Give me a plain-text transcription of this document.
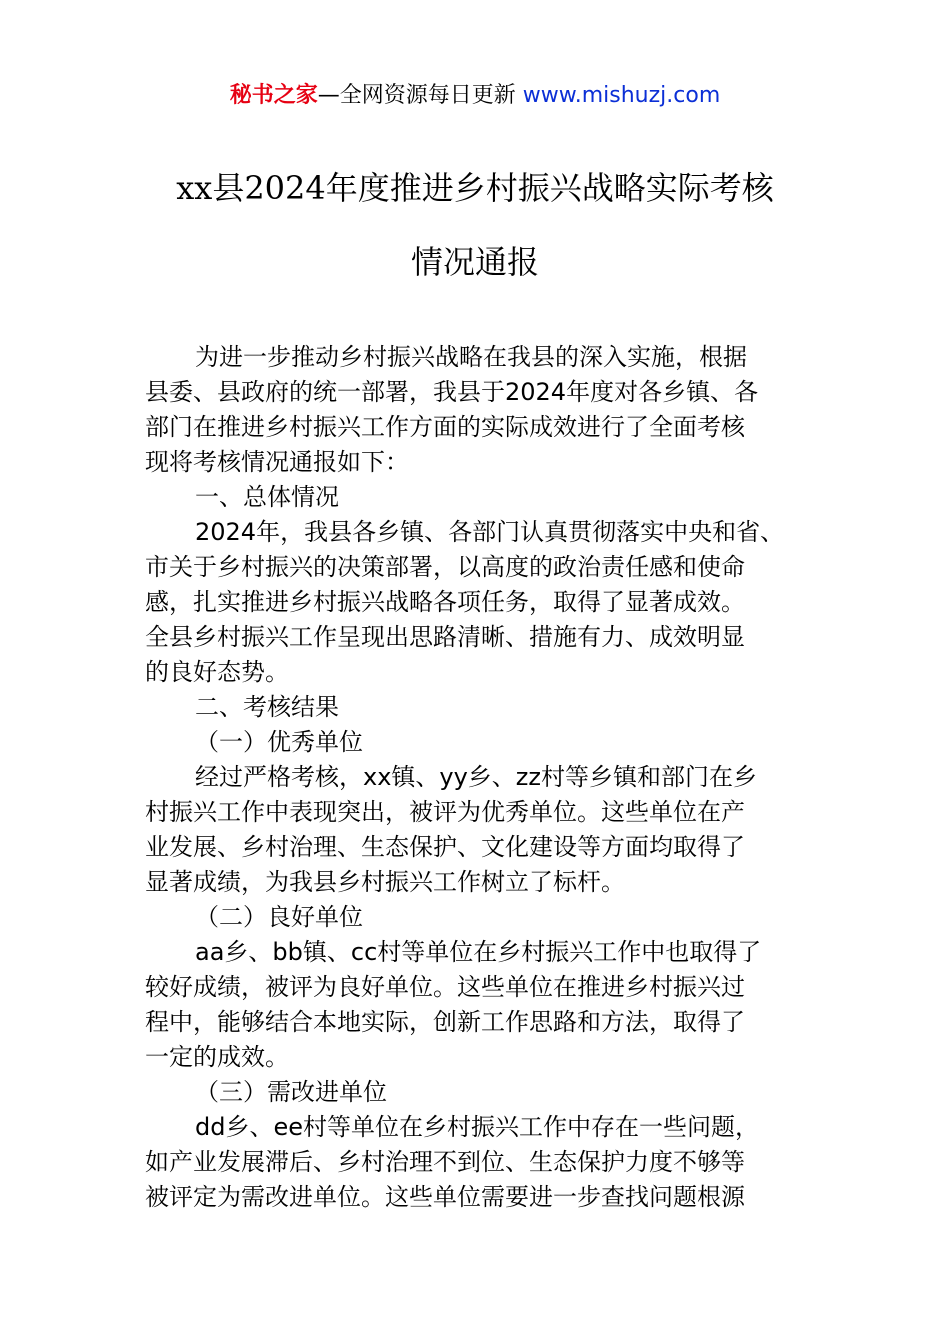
秘书之家—全网资源每日更新 www.mishuzj.com
xx县2024年度推进乡村振兴战略实际考核
情况通报
为进一步推动乡村振兴战略在我县的深入实施，根据
县委、县政府的统一部署，我县于2024年度对各乡镇、各
部门在推进乡村振兴工作方面的实际成效进行了全面考核
现将考核情况通报如下：
一、总体情况
2024年，我县各乡镇、各部门认真贯彻落实中央和省、
市关于乡村振兴的决策部署，以高度的政治责任感和使命
感，扎实推进乡村振兴战略各项任务，取得了显著成效。
全县乡村振兴工作呈现出思路清晰、措施有力、成效明显
的良好态势。
二、考核结果
（一）优秀单位
经过严格考核，xx镇、yy乡、zz村等乡镇和部门在乡
村振兴工作中表现突出，被评为优秀单位。这些单位在产
业发展、乡村治理、生态保护、文化建设等方面均取得了
显著成绩，为我县乡村振兴工作树立了标杆。
（二）良好单位
aa乡、bb镇、cc村等单位在乡村振兴工作中也取得了
较好成绩，被评为良好单位。这些单位在推进乡村振兴过
程中，能够结合本地实际，创新工作思路和方法，取得了
一定的成效。
（三）需改进单位
dd乡、ee村等单位在乡村振兴工作中存在一些问题，
如产业发展滞后、乡村治理不到位、生态保护力度不够等
被评定为需改进单位。这些单位需要进一步查找问题根源
